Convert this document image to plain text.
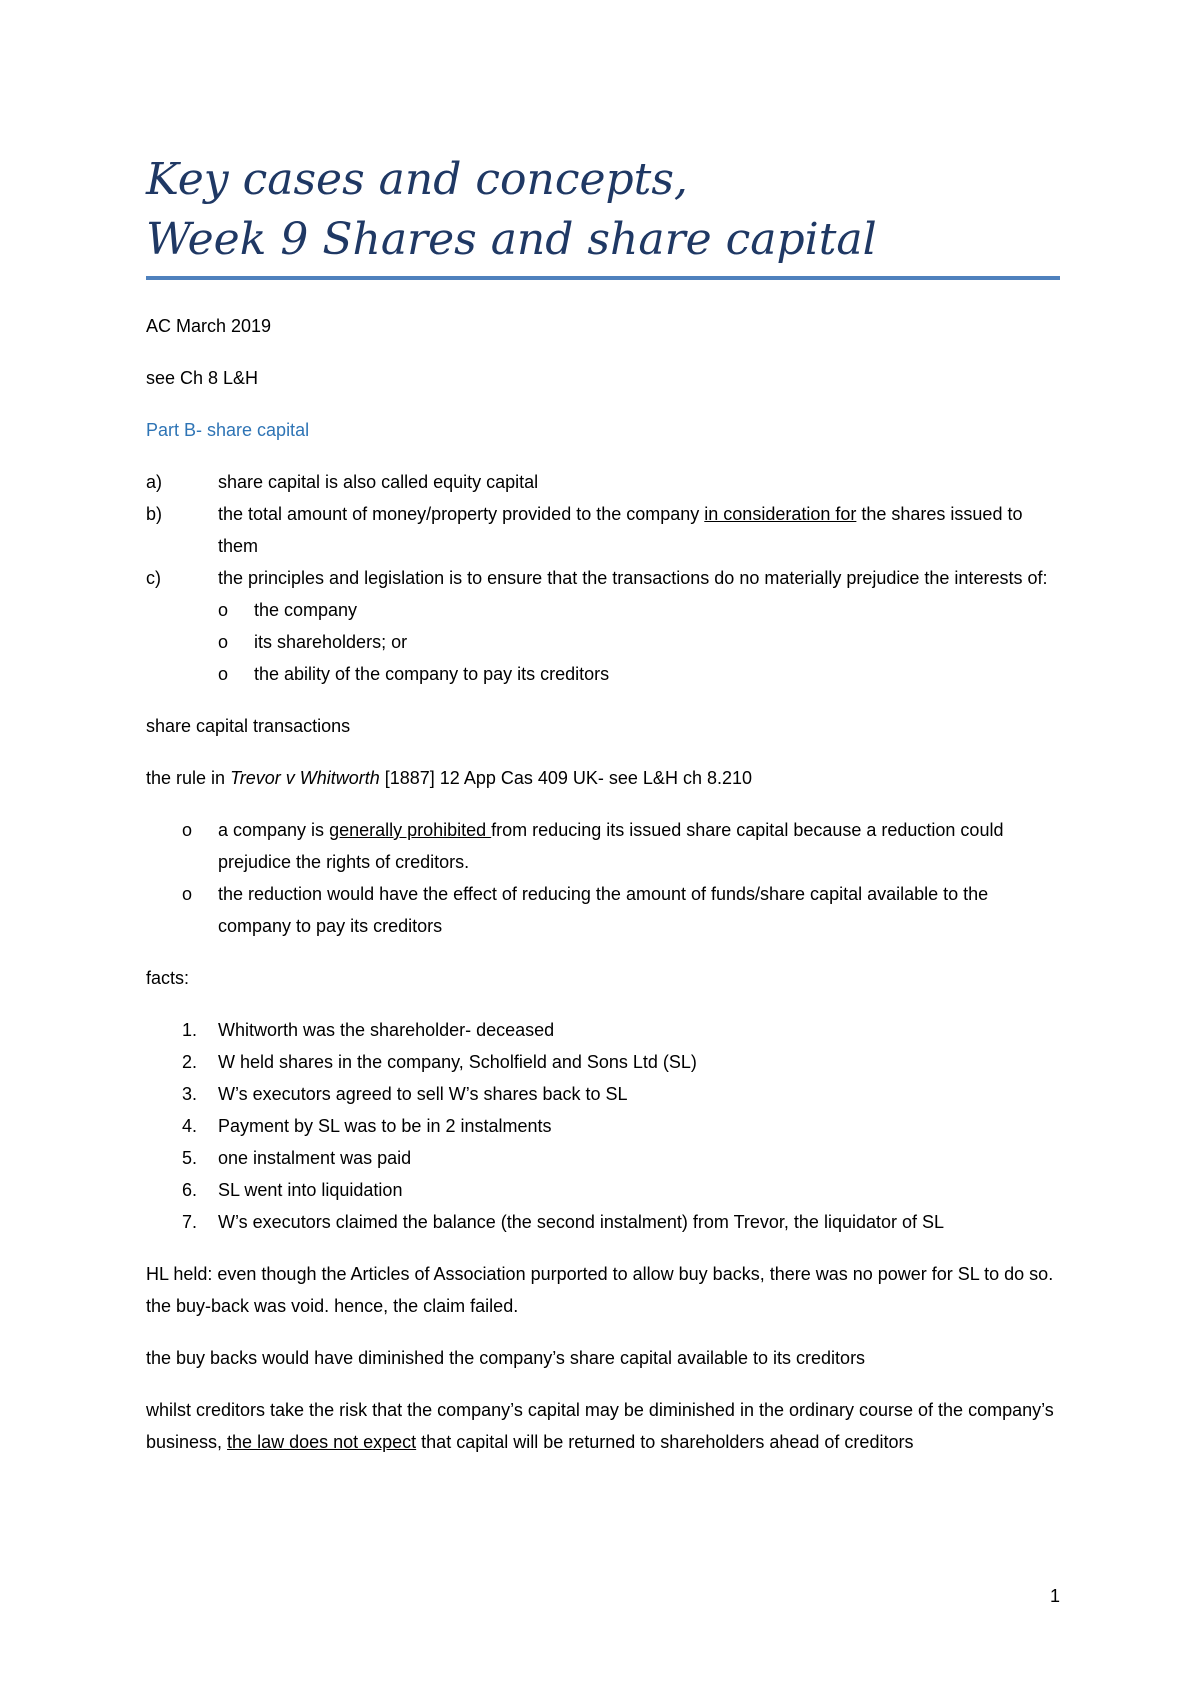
Key cases and concepts,
Week 9 Shares and share capital

AC March 2019

see Ch 8 L&H

Part B- share capital

a)	share capital is also called equity capital
b)	the total amount of money/property provided to the company in consideration for the shares issued to them
c)	the principles and legislation is to ensure that the transactions do no materially prejudice the interests of:
o	the company
o	its shareholders; or
o	the ability of the company to pay its creditors

share capital transactions

the rule in Trevor v Whitworth [1887] 12 App Cas 409 UK- see L&H ch 8.210

o	a company is generally prohibited from reducing its issued share capital because a reduction could prejudice the rights of creditors.
o	the reduction would have the effect of reducing the amount of funds/share capital available to the company to pay its creditors

facts:

1.	Whitworth was the shareholder- deceased
2.	W held shares in the company, Scholfield and Sons Ltd (SL)
3.	W’s executors agreed to sell W’s shares back to SL
4.	Payment by SL was to be in 2 instalments
5.	one instalment was paid
6.	SL went into liquidation
7.	W’s executors claimed the balance (the second instalment) from Trevor, the liquidator of SL

HL held: even though the Articles of Association purported to allow buy backs, there was no power for SL to do so. the buy-back was void. hence, the claim failed.

the buy backs would have diminished the company’s share capital available to its creditors

whilst creditors take the risk that the company’s capital may be diminished in the ordinary course of the company’s business, the law does not expect that capital will be returned to shareholders ahead of creditors

1
